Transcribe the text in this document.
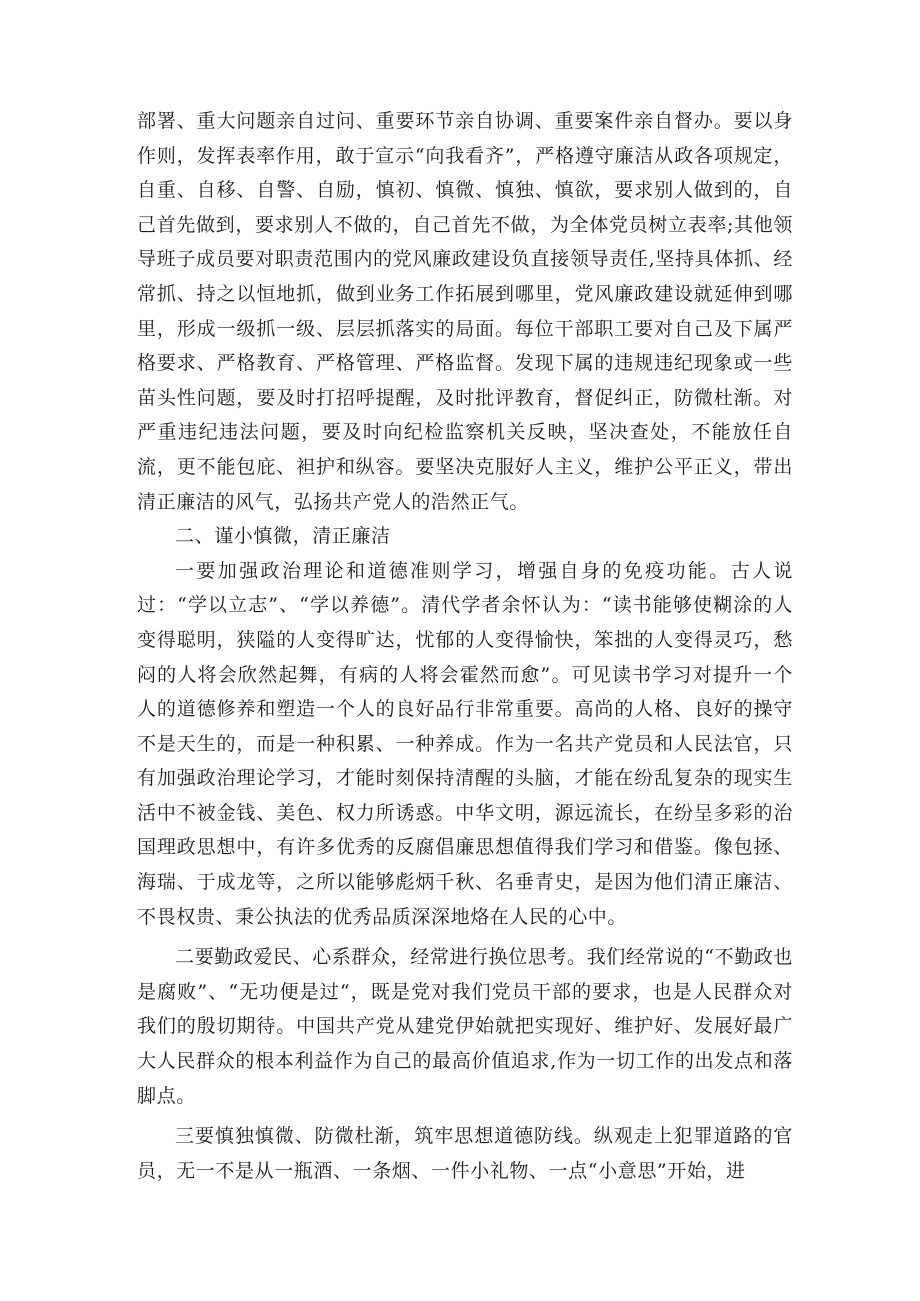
部署、重大问题亲自过问、重要环节亲自协调、重要案件亲自督办。要以身作则，发挥表率作用，敢于宣示“向我看齐”，严格遵守廉洁从政各项规定，自重、自移、自警、自励，慎初、慎微、慎独、慎欲，要求别人做到的，自己首先做到，要求别人不做的，自己首先不做，为全体党员树立表率;其他领导班子成员要对职责范围内的党风廉政建设负直接领导责任,坚持具体抓、经常抓、持之以恒地抓，做到业务工作拓展到哪里，党风廉政建设就延伸到哪里，形成一级抓一级、层层抓落实的局面。每位干部职工要对自己及下属严格要求、严格教育、严格管理、严格监督。发现下属的违规违纪现象或一些苗头性问题，要及时打招呼提醒，及时批评教育，督促纠正，防微杜渐。对严重违纪违法问题，要及时向纪检监察机关反映，坚决查处，不能放任自流，更不能包庇、袒护和纵容。要坚决克服好人主义，维护公平正义，带出清正廉洁的风气，弘扬共产党人的浩然正气。

二、谨小慎微，清正廉洁

一要加强政治理论和道德准则学习，增强自身的免疫功能。古人说过：“学以立志”、“学以养德”。清代学者余怀认为：“读书能够使糊涂的人变得聪明，狭隘的人变得旷达，忧郁的人变得愉快，笨拙的人变得灵巧，愁闷的人将会欣然起舞，有病的人将会霍然而愈”。可见读书学习对提升一个人的道德修养和塑造一个人的良好品行非常重要。高尚的人格、良好的操守不是天生的，而是一种积累、一种养成。作为一名共产党员和人民法官，只有加强政治理论学习，才能时刻保持清醒的头脑，才能在纷乱复杂的现实生活中不被金钱、美色、权力所诱惑。中华文明，源远流长，在纷呈多彩的治国理政思想中，有许多优秀的反腐倡廉思想值得我们学习和借鉴。像包拯、海瑞、于成龙等，之所以能够彪炳千秋、名垂青史，是因为他们清正廉洁、不畏权贵、秉公执法的优秀品质深深地烙在人民的心中。

二要勤政爱民、心系群众，经常进行换位思考。我们经常说的“不勤政也是腐败”、“无功便是过“，既是党对我们党员干部的要求，也是人民群众对我们的殷切期待。中国共产党从建党伊始就把实现好、维护好、发展好最广大人民群众的根本利益作为自己的最高价值追求,作为一切工作的出发点和落脚点。

三要慎独慎微、防微杜渐，筑牢思想道德防线。纵观走上犯罪道路的官员，无一不是从一瓶酒、一条烟、一件小礼物、一点“小意思”开始，进
